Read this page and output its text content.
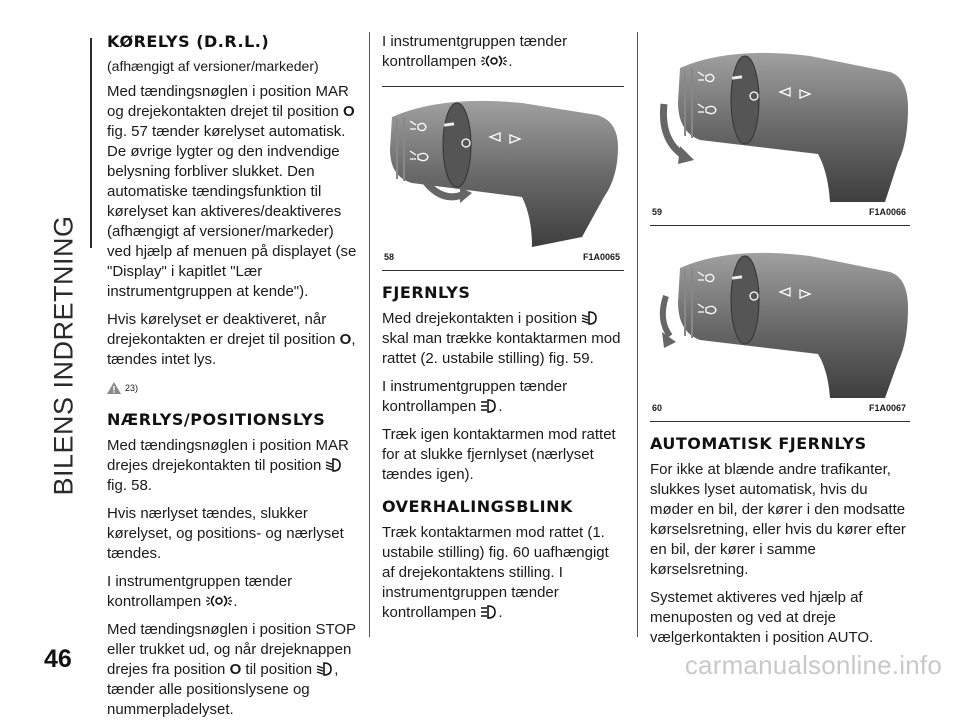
BILENS INDRETNING
46	carmanualsonline.info
KØRELYS (D.R.L.)
(afhængigt af versioner/markeder)

Med tændingsnøglen i position MAR og drejekontakten drejet til position O fig. 57 tænder kørelyset automatisk. De øvrige lygter og den indvendige belysning forbliver slukket. Den automatiske tændingsfunktion til kørelyset kan aktiveres/deaktiveres (afhængigt af versioner/markeder) ved hjælp af menuen på displayet (se "Display" i kapitlet "Lær instrumentgruppen at kende").

Hvis kørelyset er deaktiveret, når drejekontakten er drejet til position O, tændes intet lys.

23)
NÆRLYS/POSITIONSLYS

Med tændingsnøglen i position MAR drejes drejekontakten til position  fig. 58.

Hvis nærlyset tændes, slukker kørelyset, og positions- og nærlyset tændes.

I instrumentgruppen tænder kontrollampen .

Med tændingsnøglen i position STOP eller trukket ud, og når drejeknappen drejes fra position O til position , tænder alle positionslysene og nummerpladelyset.

I instrumentgruppen tænder kontrollampen .

58	F1A0065
FJERNLYS

Med drejekontakten i position skal man trække kontaktarmen mod rattet (2. ustabile stilling) fig. 59.

I instrumentgruppen tænder kontrollampen .

Træk igen kontaktarmen mod rattet for at slukke fjernlyset (nærlyset tændes igen).

OVERHALINGSBLINK

Træk kontaktarmen mod rattet (1. ustabile stilling) fig. 60 uafhængigt af drejekontaktens stilling. I instrumentgruppen tænder kontrollampen .

59	F1A0066
60	F1A0067
AUTOMATISK FJERNLYS

For ikke at blænde andre trafikanter, slukkes lyset automatisk, hvis du møder en bil, der kører i den modsatte kørselsretning, eller hvis du kører efter en bil, der kører i samme kørselsretning.

Systemet aktiveres ved hjælp af menuposten og ved at dreje vælgerkontakten i position AUTO.
